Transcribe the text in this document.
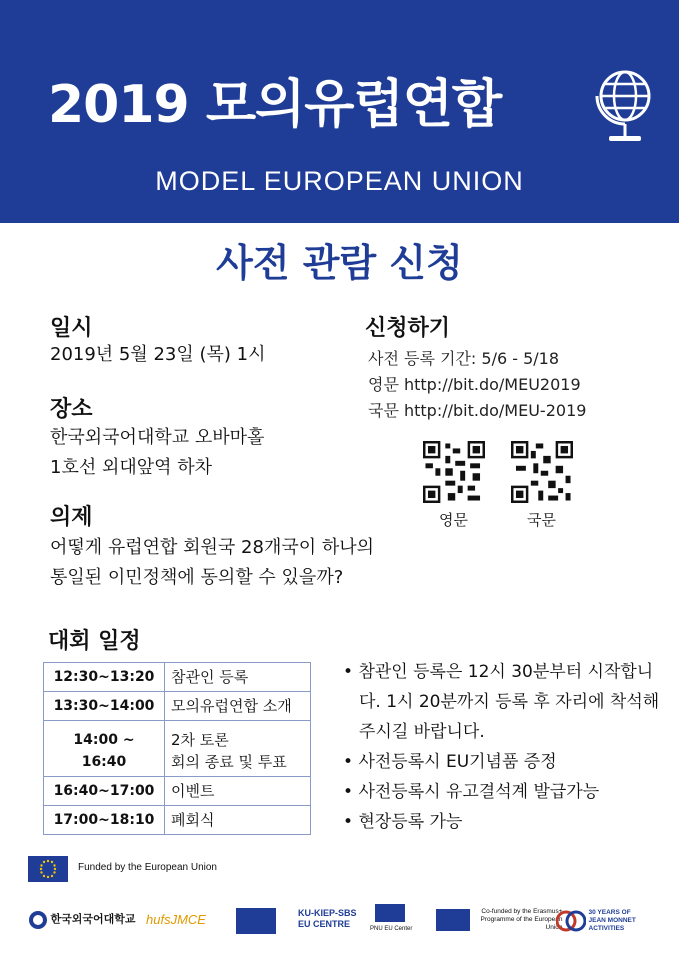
2019 모의유럽연합
MODEL EUROPEAN UNION
사전 관람 신청
일시
2019년 5월 23일 (목) 1시
장소
한국외국어대학교 오바마홀
1호선 외대앞역 하차
의제
어떻게 유럽연합 회원국 28개국이 하나의
통일된 이민정책에 동의할 수 있을까?
신청하기
사전 등록 기간: 5/6 - 5/18
영문 http://bit.do/MEU2019
국문 http://bit.do/MEU-2019
영문	국문
대회 일정
12:30~13:20	참관인 등록
13:30~14:00	모의유럽연합 소개
14:00 ~ 16:40	2차 토론
회의 종료 및 투표

16:40~17:00	이벤트
17:00~18:10	폐회식
• 참관인 등록은 12시 30분부터 시작합니다. 1시 20분까지 등록 후 자리에 착석해주시길 바랍니다.
• 사전등록시 EU기념품 증정
• 사전등록시 유고결석계 발급가능
• 현장등록 가능
Funded by the European Union
한국외국어대학교 hufsJMCE	KU-KIEP-SBS EU CENTRE	PNU EU Center
Co-funded by the Erasmus+ Programme of the European Union
30 YEARS OF JEAN MONNET ACTIVITIES
